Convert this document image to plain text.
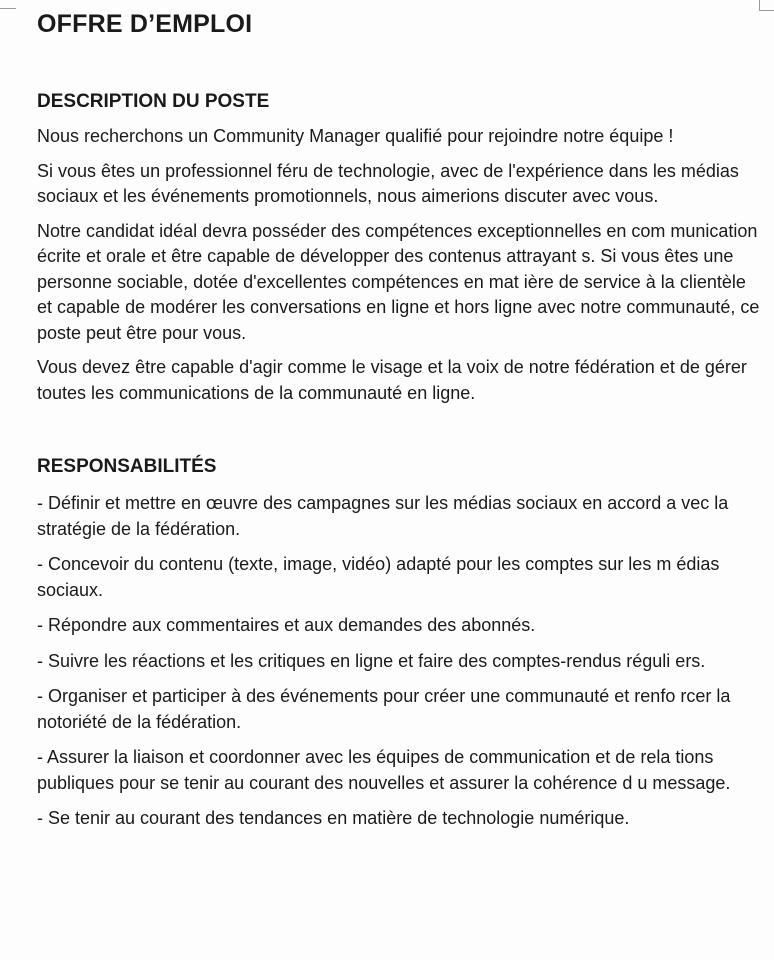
OFFRE D’EMPLOI
DESCRIPTION DU POSTE

Nous recherchons un Community Manager qualifié pour rejoindre notre équipe !

Si vous êtes un professionnel féru de technologie, avec de l'expérience dans les médias sociaux et les événements promotionnels, nous aimerions discuter avec vous.

Notre candidat idéal devra posséder des compétences exceptionnelles en com munication écrite et orale et être capable de développer des contenus attrayant s. Si vous êtes une personne sociable, dotée d'excellentes compétences en mat ière de service à la clientèle et capable de modérer les conversations en ligne et hors ligne avec notre communauté, ce poste peut être pour vous.

Vous devez être capable d'agir comme le visage et la voix de notre fédération et de gérer toutes les communications de la communauté en ligne.

RESPONSABILITÉS

- Définir et mettre en œuvre des campagnes sur les médias sociaux en accord a vec la stratégie de la fédération.

- Concevoir du contenu (texte, image, vidéo) adapté pour les comptes sur les m édias sociaux.

- Répondre aux commentaires et aux demandes des abonnés.

- Suivre les réactions et les critiques en ligne et faire des comptes-rendus réguli ers.

- Organiser et participer à des événements pour créer une communauté et renfo rcer la notoriété de la fédération.

- Assurer la liaison et coordonner avec les équipes de communication et de rela tions publiques pour se tenir au courant des nouvelles et assurer la cohérence d u message.

- Se tenir au courant des tendances en matière de technologie numérique.
